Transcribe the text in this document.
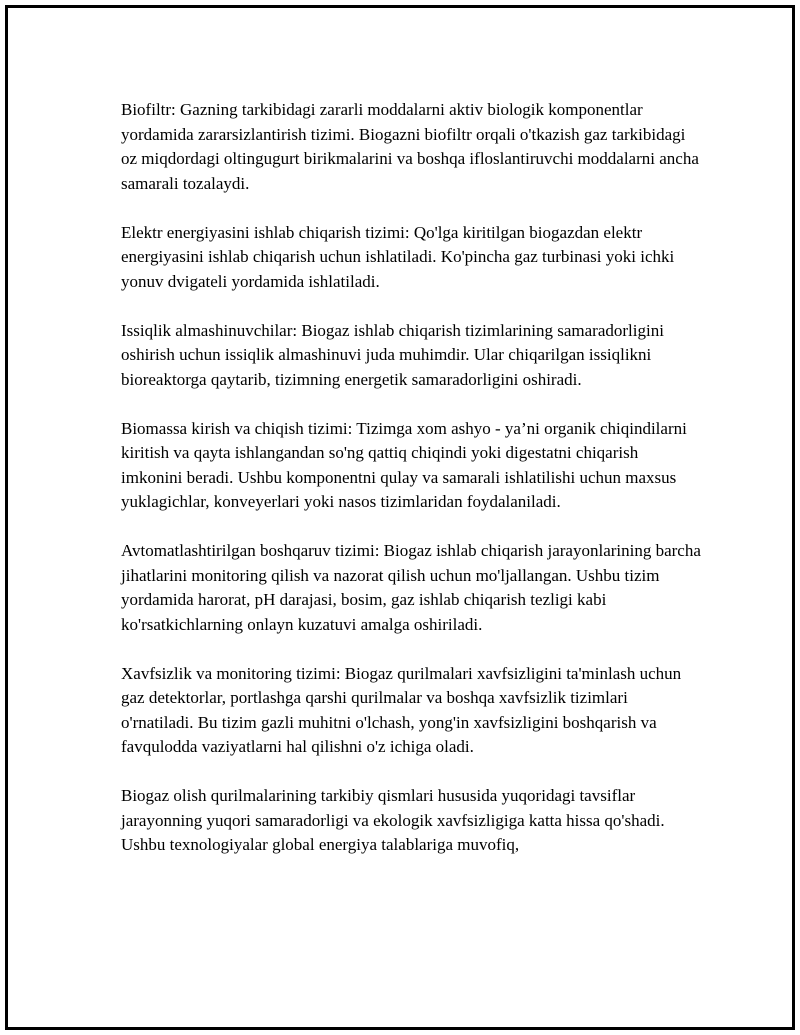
Biofiltr: Gazning tarkibidagi zararli moddalarni aktiv biologik komponentlar yordamida zararsizlantirish tizimi. Biogazni biofiltr orqali o'tkazish gaz tarkibidagi oz miqdordagi oltingugurt birikmalarini va boshqa ifloslantiruvchi moddalarni ancha samarali tozalaydi.

Elektr energiyasini ishlab chiqarish tizimi: Qo'lga kiritilgan biogazdan elektr energiyasini ishlab chiqarish uchun ishlatiladi. Ko'pincha gaz turbinasi yoki ichki yonuv dvigateli yordamida ishlatiladi.

Issiqlik almashinuvchilar: Biogaz ishlab chiqarish tizimlarining samaradorligini oshirish uchun issiqlik almashinuvi juda muhimdir. Ular chiqarilgan issiqlikni bioreaktorga qaytarib, tizimning energetik samaradorligini oshiradi.

Biomassa kirish va chiqish tizimi: Tizimga xom ashyo - ya’ni organik chiqindilarni kiritish va qayta ishlangandan so'ng qattiq chiqindi yoki digestatni chiqarish imkonini beradi. Ushbu komponentni qulay va samarali ishlatilishi uchun maxsus yuklagichlar, konveyerlari yoki nasos tizimlaridan foydalaniladi.

Avtomatlashtirilgan boshqaruv tizimi: Biogaz ishlab chiqarish jarayonlarining barcha jihatlarini monitoring qilish va nazorat qilish uchun mo'ljallangan. Ushbu tizim yordamida harorat, pH darajasi, bosim, gaz ishlab chiqarish tezligi kabi ko'rsatkichlarning onlayn kuzatuvi amalga oshiriladi.

Xavfsizlik va monitoring tizimi: Biogaz qurilmalari xavfsizligini ta'minlash uchun gaz detektorlar, portlashga qarshi qurilmalar va boshqa xavfsizlik tizimlari o'rnatiladi. Bu tizim gazli muhitni o'lchash, yong'in xavfsizligini boshqarish va favqulodda vaziyatlarni hal qilishni o'z ichiga oladi.

Biogaz olish qurilmalarining tarkibiy qismlari hususida yuqoridagi tavsiflar jarayonning yuqori samaradorligi va ekologik xavfsizligiga katta hissa qo'shadi. Ushbu texnologiyalar global energiya talablariga muvofiq,
